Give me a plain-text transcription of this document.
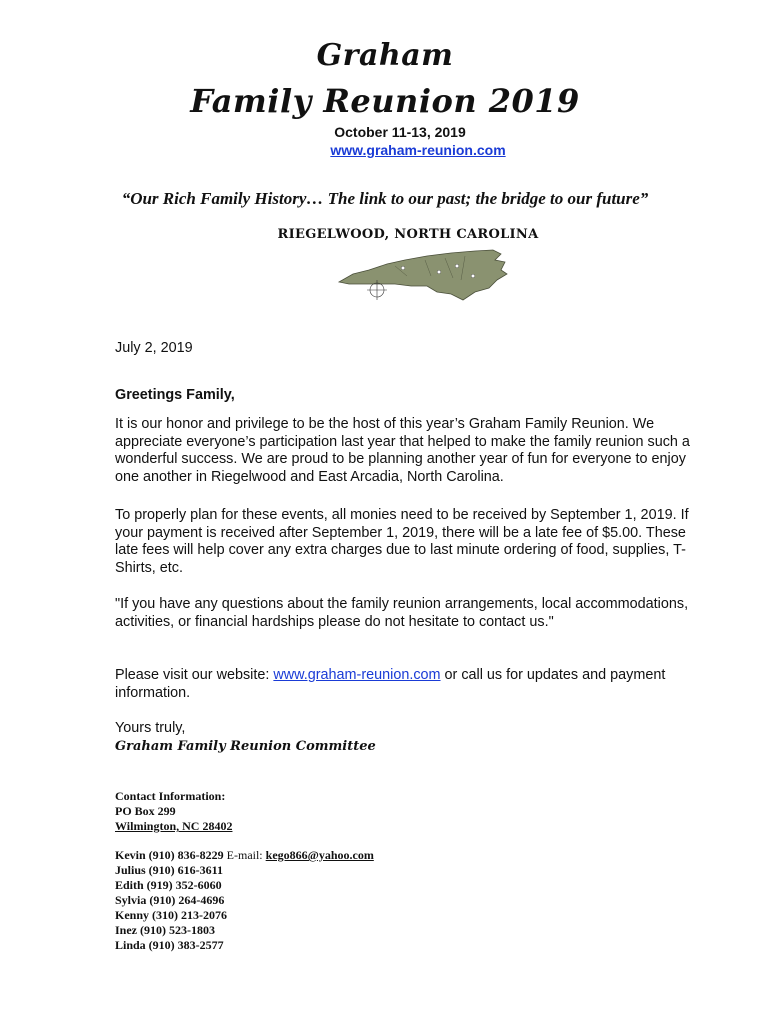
Graham
Family Reunion 2019
October 11-13, 2019
www.graham-reunion.com
“Our Rich Family History… The link to our past; the bridge to our future”
RIEGELWOOD, NORTH CAROLINA
July 2, 2019
Greetings Family,
It is our honor and privilege to be the host of this year’s Graham Family Reunion. We appreciate everyone’s participation last year that helped to make the family reunion such a wonderful success. We are proud to be planning another year of fun for everyone to enjoy one another in Riegelwood and East Arcadia, North Carolina.
To properly plan for these events, all monies need to be received by September 1, 2019. If your payment is received after September 1, 2019, there will be a late fee of $5.00. These late fees will help cover any extra charges due to last minute ordering of food, supplies, T-Shirts, etc.
"If you have any questions about the family reunion arrangements, local accommodations, activities, or financial hardships please do not hesitate to contact us."
Please visit our website: www.graham-reunion.com or call us for updates and payment information.
Yours truly,
Graham Family Reunion Committee
Contact Information:
PO Box 299
Wilmington, NC 28402
Kevin (910) 836-8229 E-mail: kego866@yahoo.com
Julius (910) 616-3611
Edith (919) 352-6060
Sylvia (910) 264-4696
Kenny (310) 213-2076
Inez (910) 523-1803
Linda (910) 383-2577
